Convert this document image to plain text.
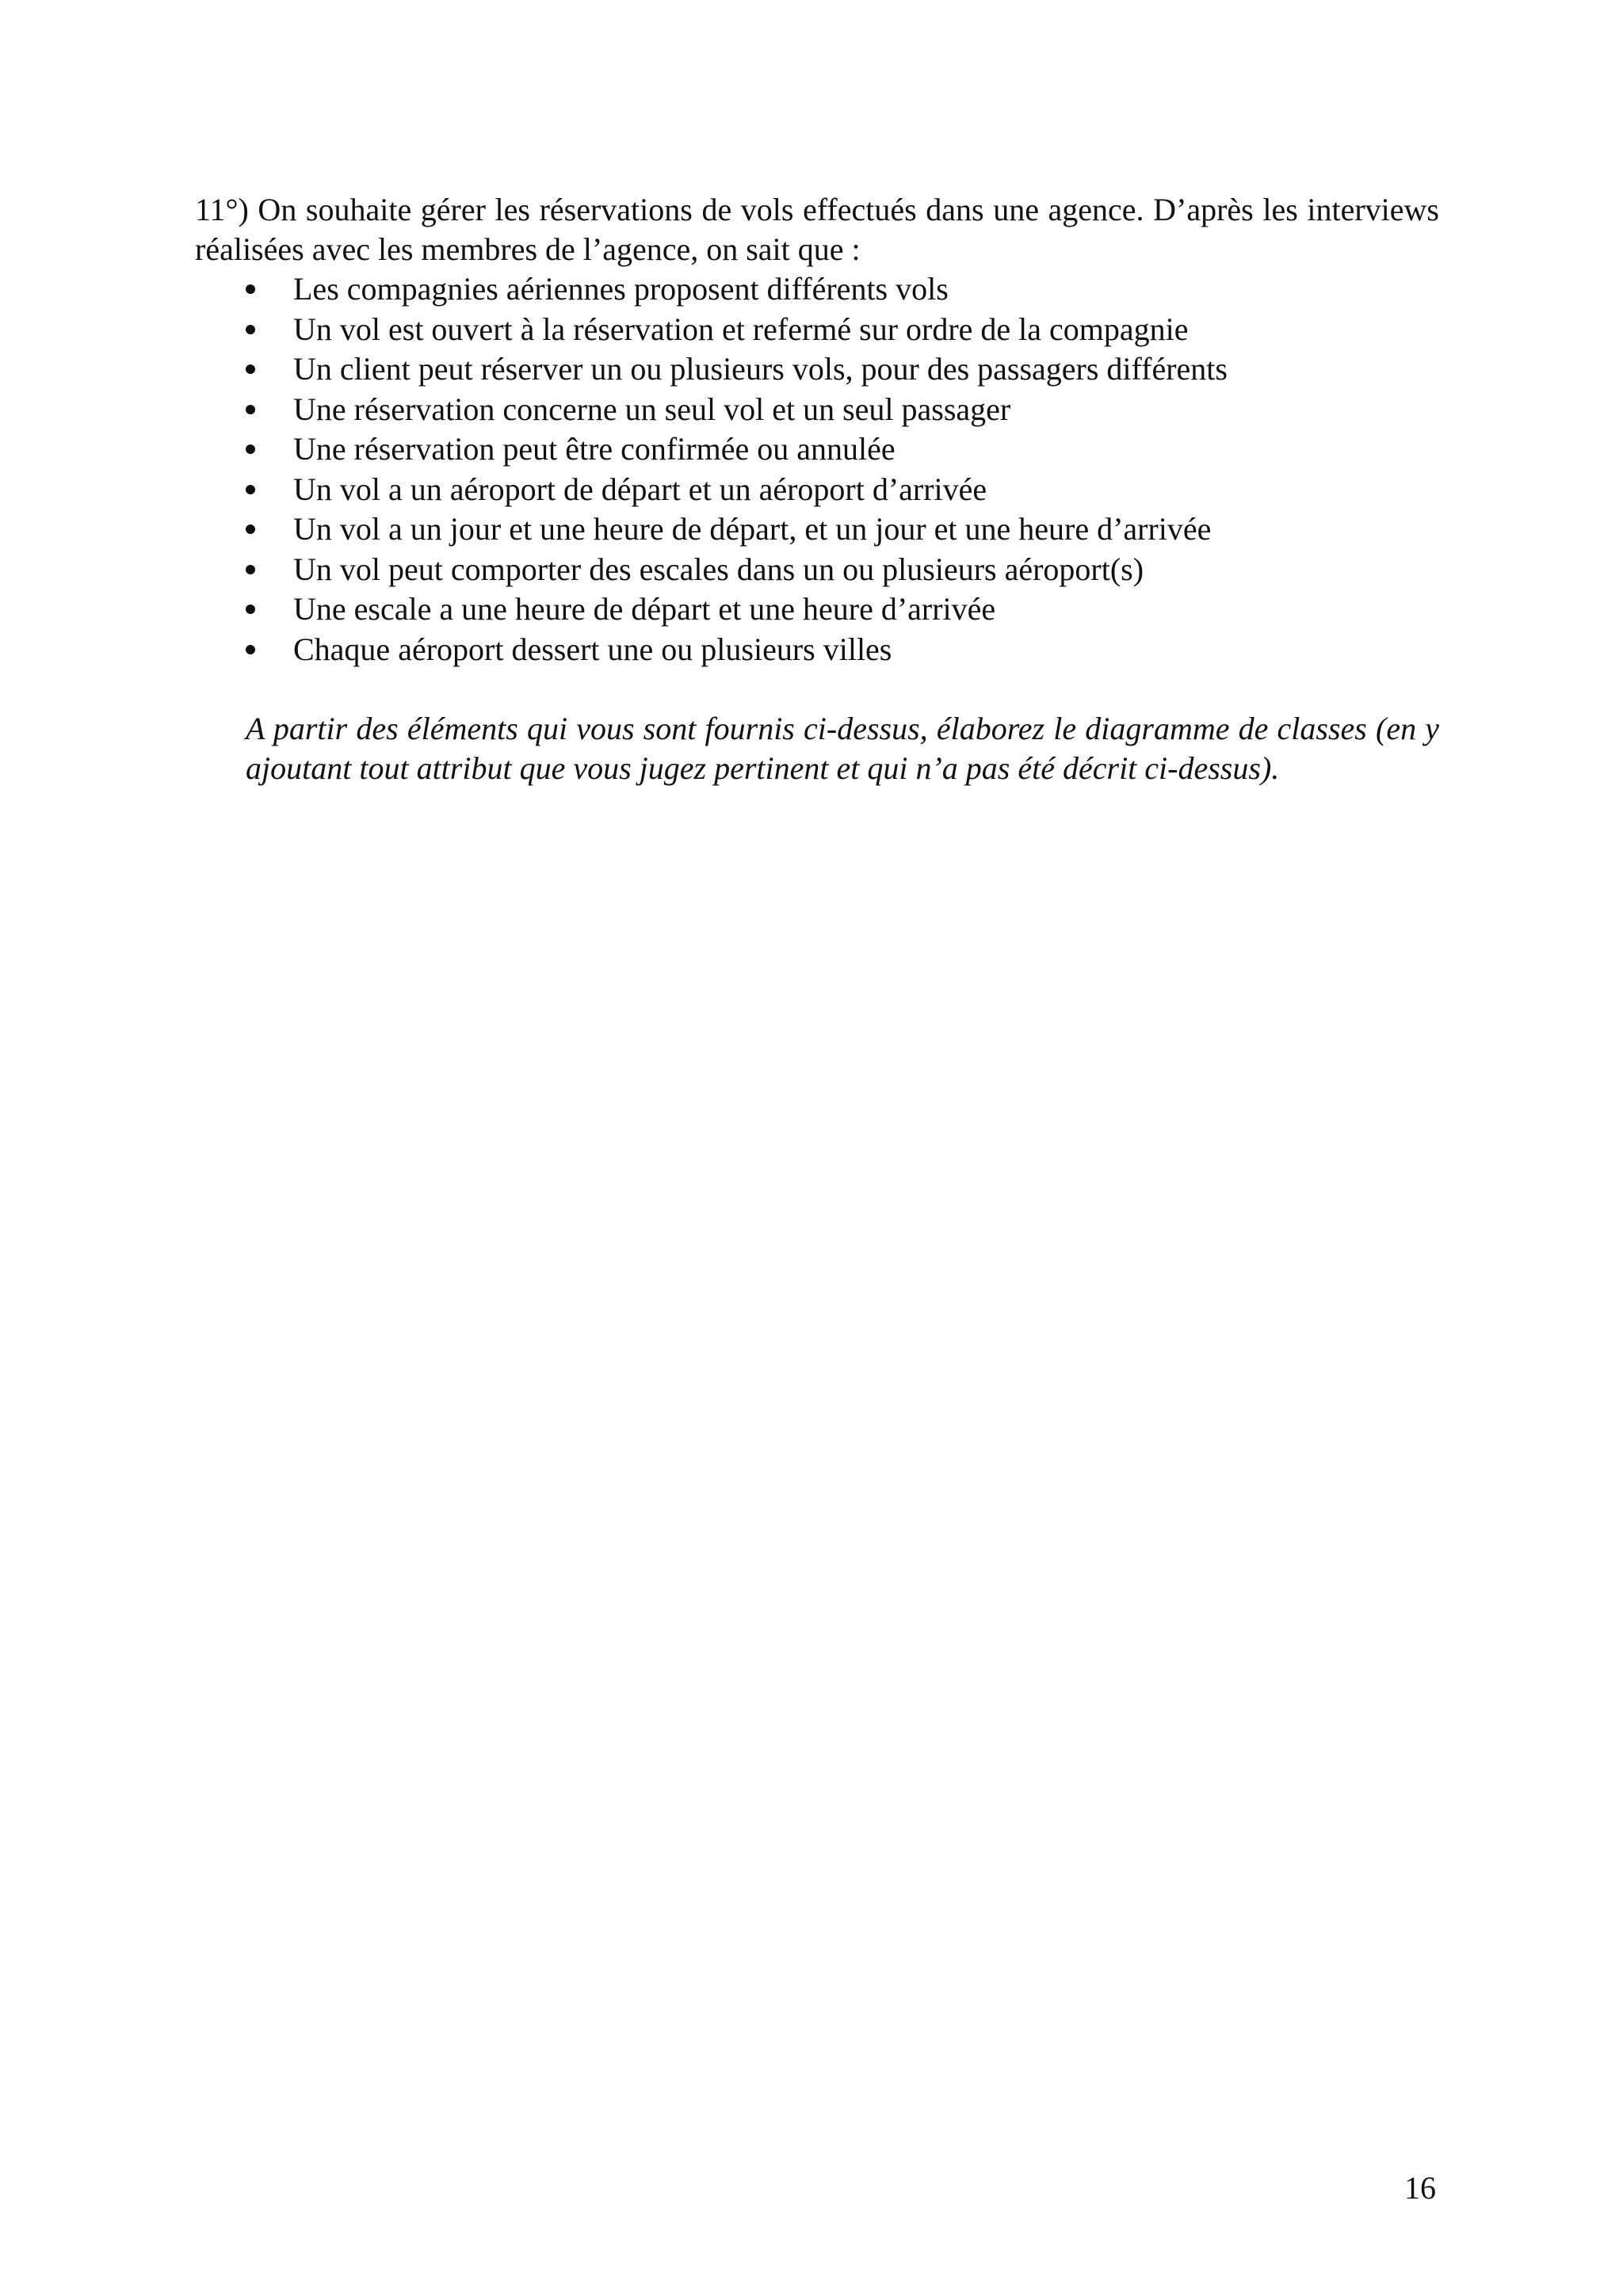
11°) On souhaite gérer les réservations de vols effectués dans une agence. D’après les interviews réalisées avec les membres de l’agence, on sait que :

Les compagnies aériennes proposent différents vols
Un vol est ouvert à la réservation et refermé sur ordre de la compagnie
Un client peut réserver un ou plusieurs vols, pour des passagers différents
Une réservation concerne un seul vol et un seul passager
Une réservation peut être confirmée ou annulée
Un vol a un aéroport de départ et un aéroport d’arrivée
Un vol a un jour et une heure de départ, et un jour et une heure d’arrivée
Un vol peut comporter des escales dans un ou plusieurs aéroport(s)
Une escale a une heure de départ et une heure d’arrivée
Chaque aéroport dessert une ou plusieurs villes

A partir des éléments qui vous sont fournis ci-dessus, élaborez le diagramme de classes (en y ajoutant tout attribut que vous jugez pertinent et qui n’a pas été décrit ci-dessus).

16
